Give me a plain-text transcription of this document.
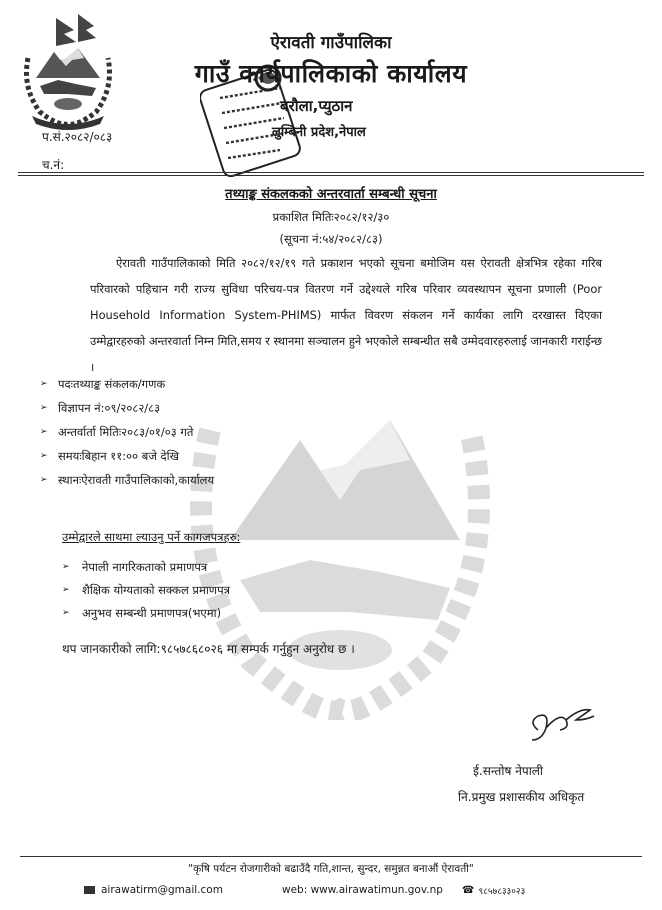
ऐरावती गाउँपालिका
गाउँ कार्यपालिकाको कार्यालय
बरौला,प्युठान
लुम्बिनी प्रदेश,नेपाल
प.सं.२०८२/०८३
च.नं:
तथ्याङ्क संकलकको अन्तरवार्ता सम्बन्धी सूचना
प्रकाशित मितिः२०८२/१२/३०
(सूचना नं:५४/२०८२/८३)
ऐरावती गाउँपालिकाको मिति २०८२/१२/१९ गते प्रकाशन भएको सूचना बमोजिम यस ऐरावती क्षेत्रभित्र रहेका गरिब परिवारको पहिचान गरी राज्य सुविधा परिचय-पत्र वितरण गर्ने उद्देश्यले गरिब परिवार व्यवस्थापन सूचना प्रणाली (Poor Household Information System-PHIMS) मार्फत विवरण संकलन गर्ने कार्यका लागि दरखास्त दिएका उम्मेद्वारहरुको अन्तरवार्ता निम्न मिति,समय र स्थानमा सञ्चालन हुने भएकोले सम्बन्धीत सबै उम्मेदवारहरुलाई जानकारी गराईन्छ ।
➢ पदःतथ्याङ्क संकलक/गणक
➢ विज्ञापन नं:०९/२०८२/८३
➢ अन्तर्वार्ता मितिः२०८३/०१/०३ गते
➢ समयःबिहान ११:०० बजे देखि
➢ स्थानःऐरावती गाउँपालिकाको,कार्यालय
उम्मेद्वारले साथमा ल्याउनु पर्ने कागजपत्रहरु:
➢	नेपाली नागरिकताको प्रमाणपत्र
➢	शैक्षिक योग्यताको सक्कल प्रमाणपत्र
➢	अनुभव सम्बन्धी प्रमाणपत्र(भएमा)
थप जानकारीको लागि:९८५७८६८०२६ मा सम्पर्क गर्नुहुन अनुरोध छ ।
ई.सन्तोष नेपाली
नि.प्रमुख प्रशासकीय अधिकृत
"कृषि पर्यटन रोजगारीको बढाउँदै गति,शान्त, सुन्दर, समुन्नत बनाऔं ऐरावती"
airawatirm@gmail.com	web: www.airawatimun.gov.np ☎ ९८५७८३३०२३
